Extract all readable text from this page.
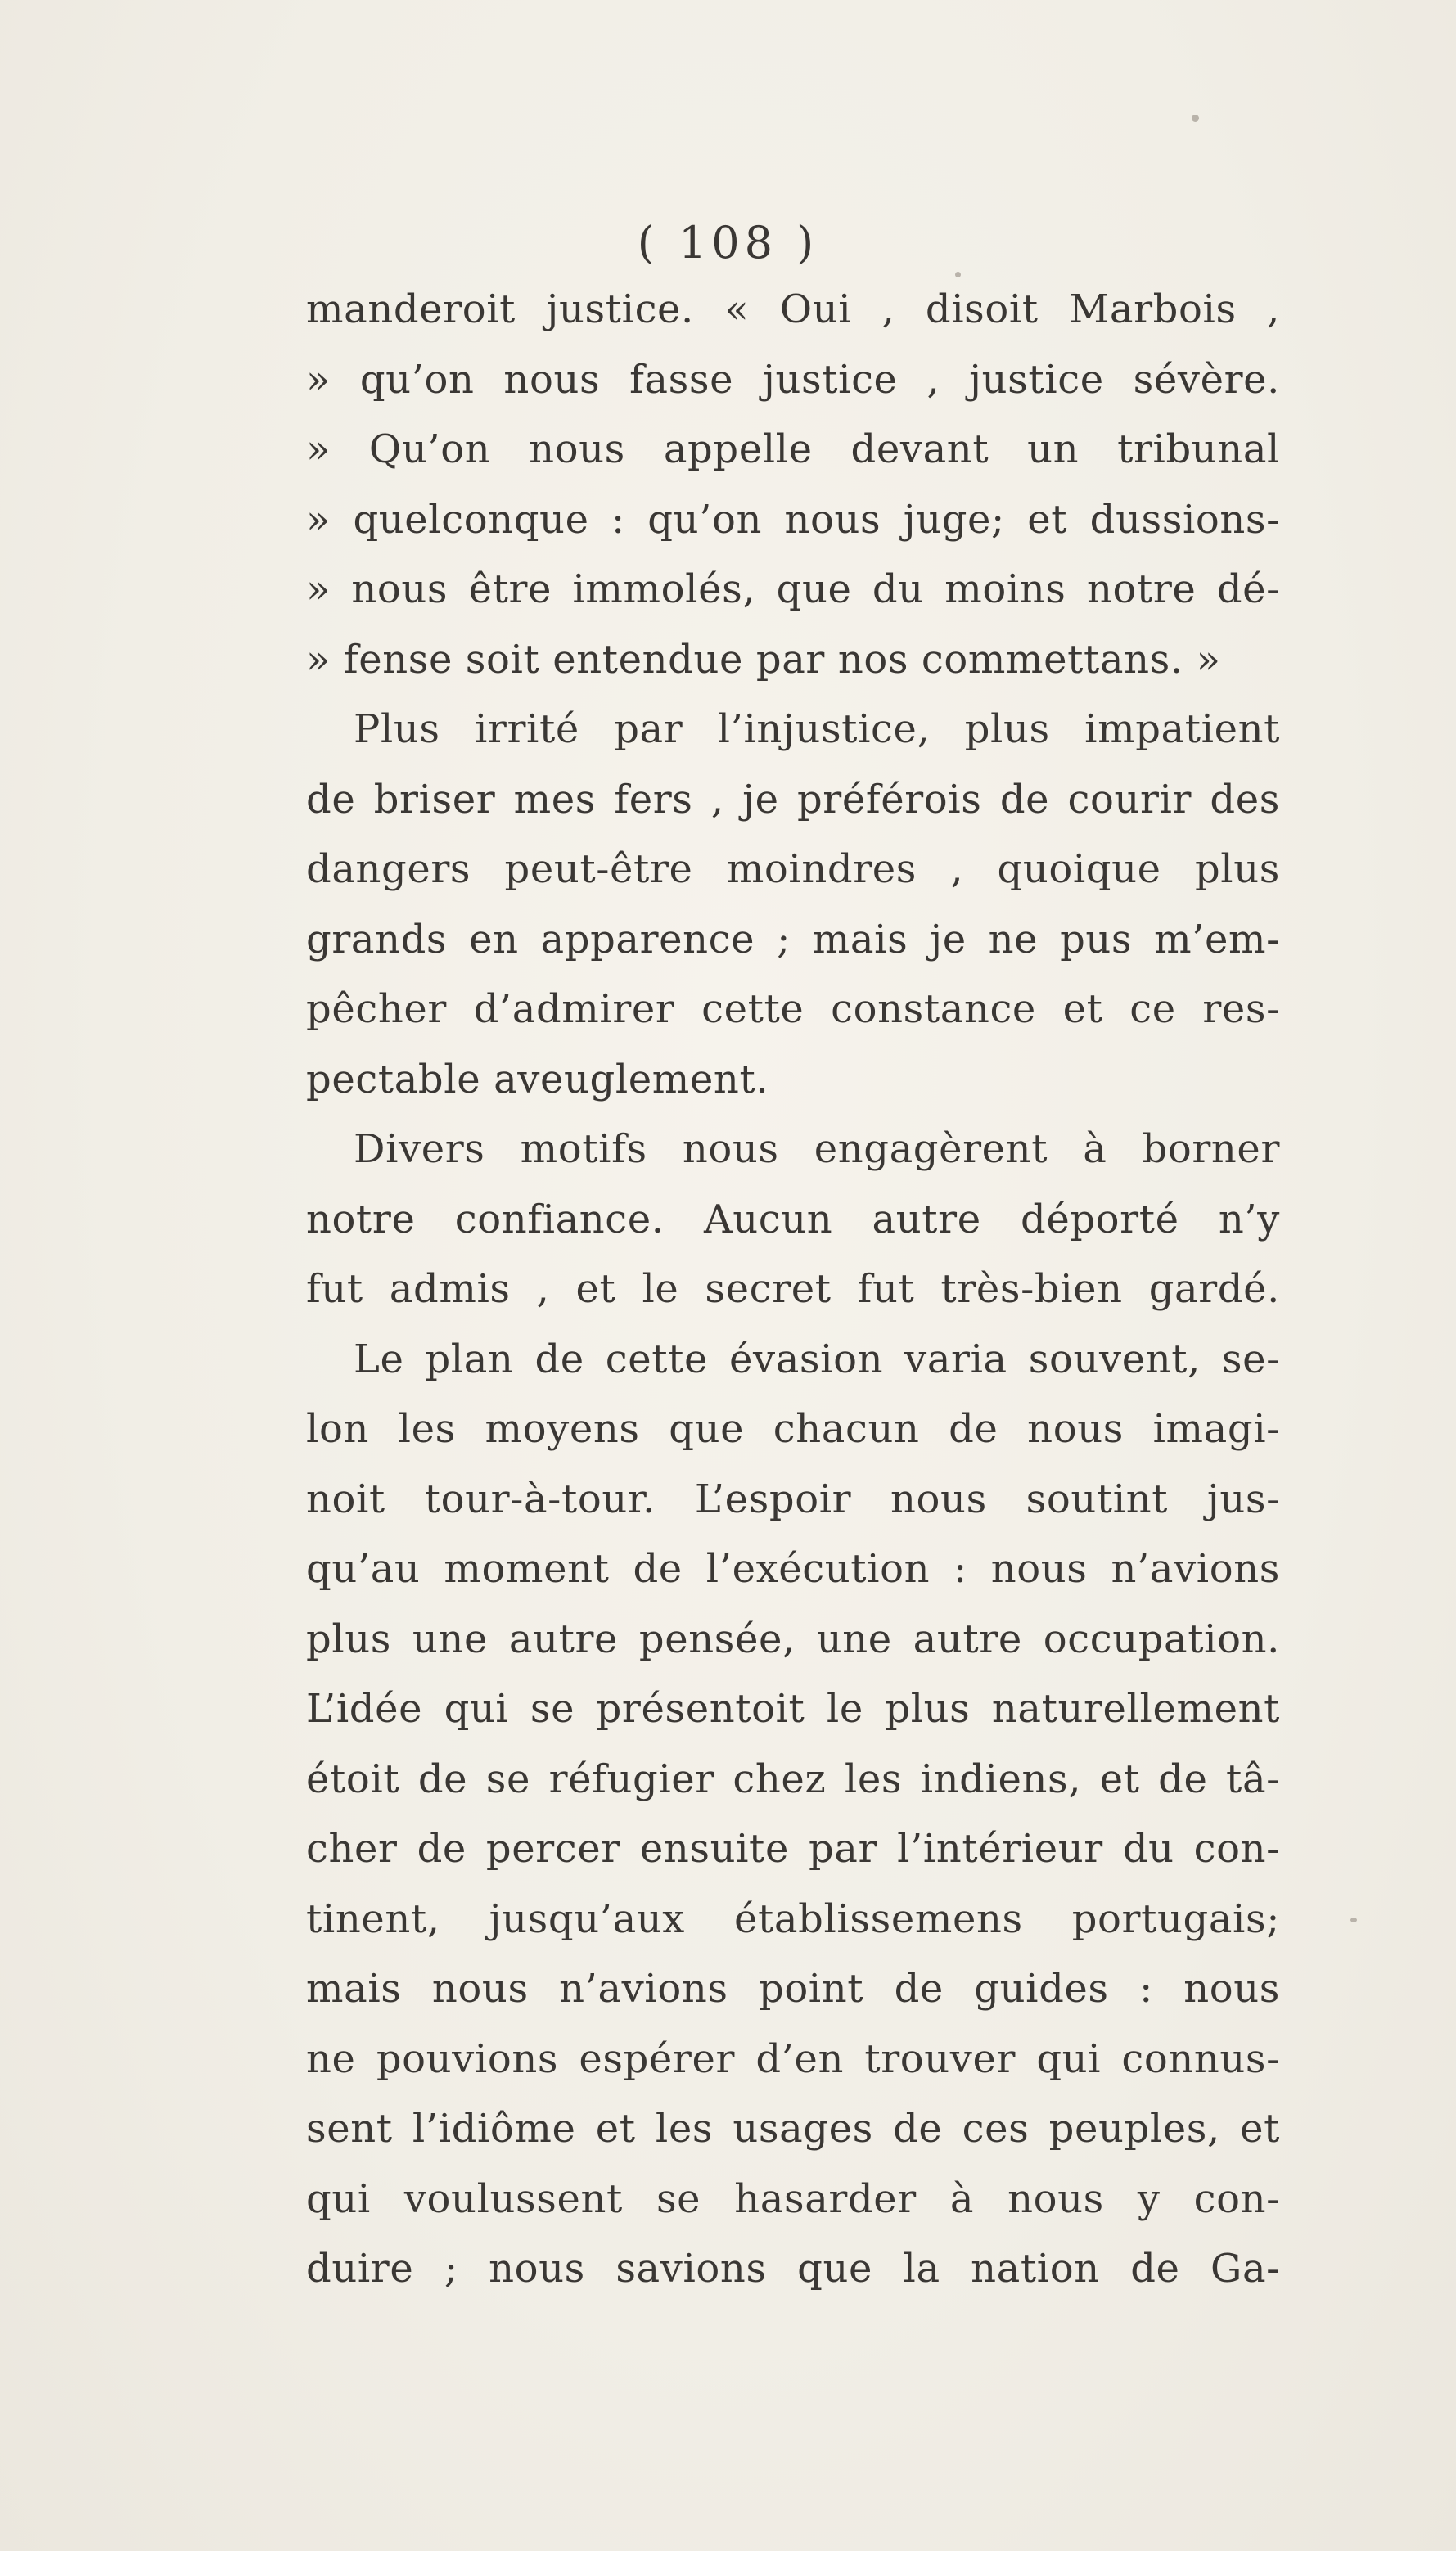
( 108 )
manderoit justice. « Oui , disoit Marbois ,
» qu’on nous fasse justice , justice sévère.
» Qu’on nous appelle devant un tribunal
» quelconque : qu’on nous juge; et dussions-
» nous être immolés, que du moins notre dé-
» fense soit entendue par nos commettans. »
Plus irrité par l’injustice, plus impatient
de briser mes fers , je préférois de courir des
dangers peut-être moindres , quoique plus
grands en apparence ; mais je ne pus m’em-
pêcher d’admirer cette constance et ce res-
pectable aveuglement.
Divers motifs nous engagèrent à borner
notre confiance. Aucun autre déporté n’y
fut admis , et le secret fut très-bien gardé.
Le plan de cette évasion varia souvent, se-
lon les moyens que chacun de nous imagi-
noit tour-à-tour. L’espoir nous soutint jus-
qu’au moment de l’exécution : nous n’avions
plus une autre pensée, une autre occupation.
L’idée qui se présentoit le plus naturellement
étoit de se réfugier chez les indiens, et de tâ-
cher de percer ensuite par l’intérieur du con-
tinent, jusqu’aux établissemens portugais;
mais nous n’avions point de guides : nous
ne pouvions espérer d’en trouver qui connus-
sent l’idiôme et les usages de ces peuples, et
qui voulussent se hasarder à nous y con-
duire ; nous savions que la nation de Ga-
